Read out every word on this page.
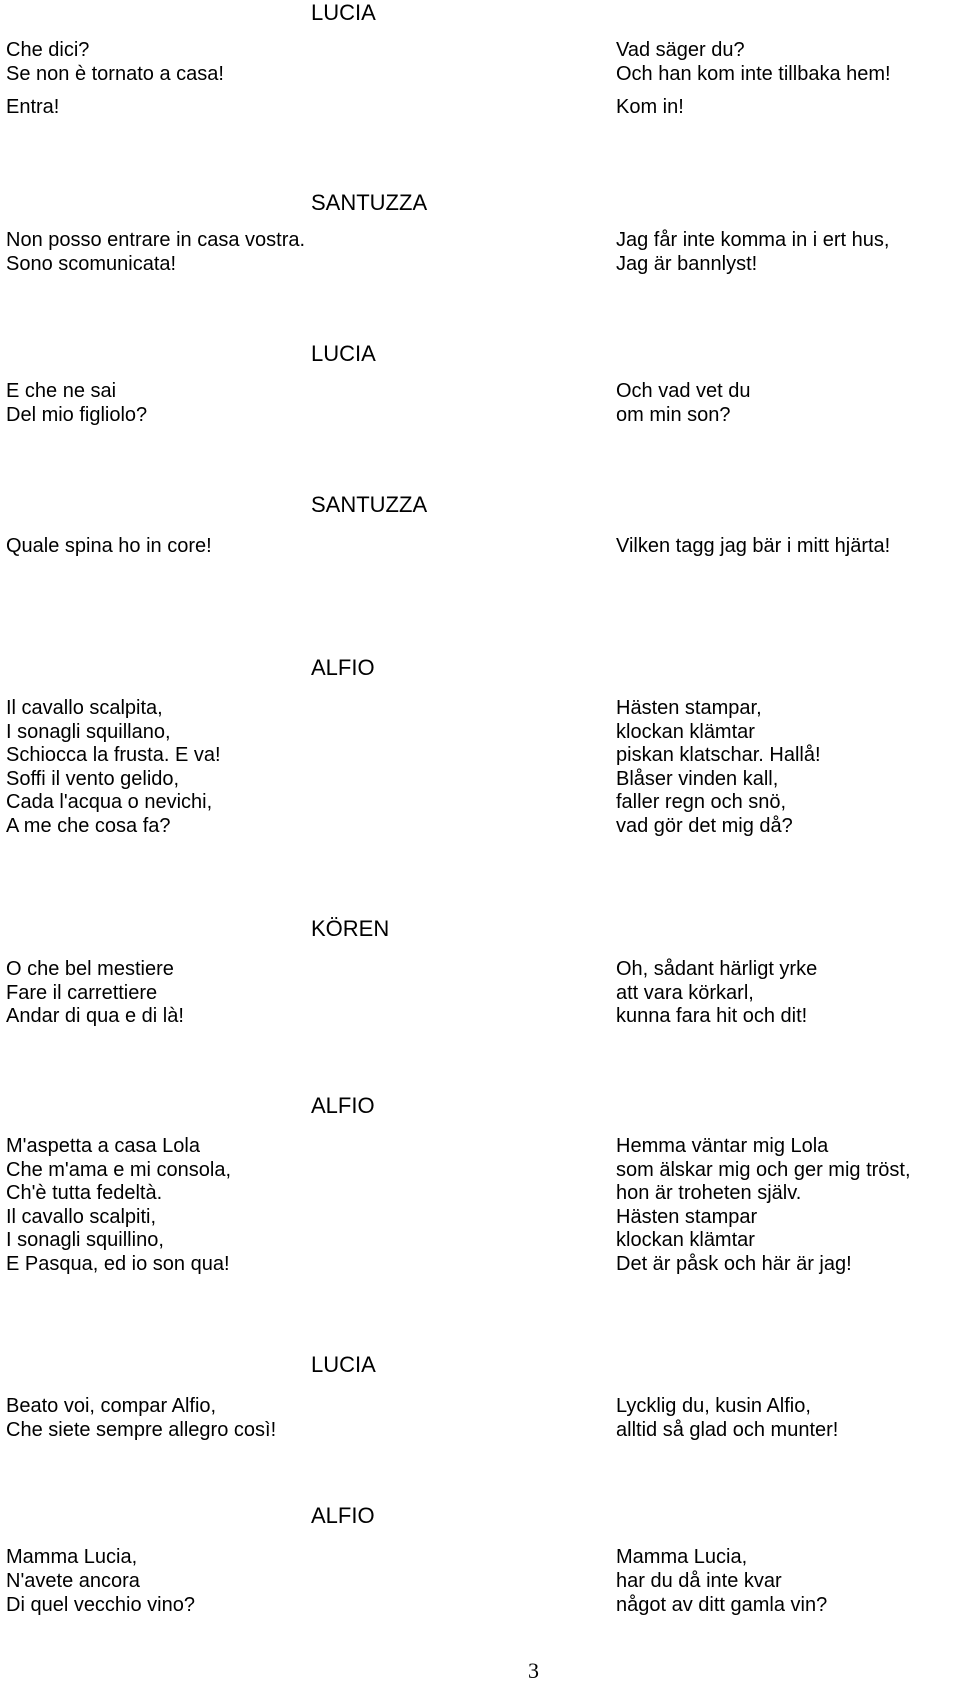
LUCIA
Che dici?
Se non è tornato a casa!
Entra!
Vad säger du?
Och han kom inte tillbaka hem!
Kom in!
SANTUZZA
Non posso entrare in casa vostra.
Sono scomunicata!
Jag får inte komma in i ert hus,
Jag är bannlyst!
LUCIA
E che ne sai
Del mio figliolo?
Och vad vet du
om min son?
SANTUZZA
Quale spina ho in core!	Vilken tagg jag bär i mitt hjärta!
ALFIO
Il cavallo scalpita,
I sonagli squillano,
Schiocca la frusta. E va!
Soffi il vento gelido,
Cada l'acqua o nevichi,
A me che cosa fa?
Hästen stampar,
klockan klämtar
piskan klatschar. Hallå!
Blåser vinden kall,
faller regn och snö,
vad gör det mig då?
KÖREN
O che bel mestiere
Fare il carrettiere
Andar di qua e di là!
Oh, sådant härligt yrke
att vara körkarl,
kunna fara hit och dit!
ALFIO
M'aspetta a casa Lola
Che m'ama e mi consola,
Ch'è tutta fedeltà.
Il cavallo scalpiti,
I sonagli squillino,
E Pasqua, ed io son qua!
Hemma väntar mig Lola
som älskar mig och ger mig tröst,
hon är troheten själv.
Hästen stampar
klockan klämtar
Det är påsk och här är jag!
LUCIA
Beato voi, compar Alfio,
Che siete sempre allegro così!
Lycklig du, kusin Alfio,
alltid så glad och munter!
ALFIO
Mamma Lucia,
N'avete ancora
Di quel vecchio vino?
Mamma Lucia,
har du då inte kvar
något av ditt gamla vin?
3
